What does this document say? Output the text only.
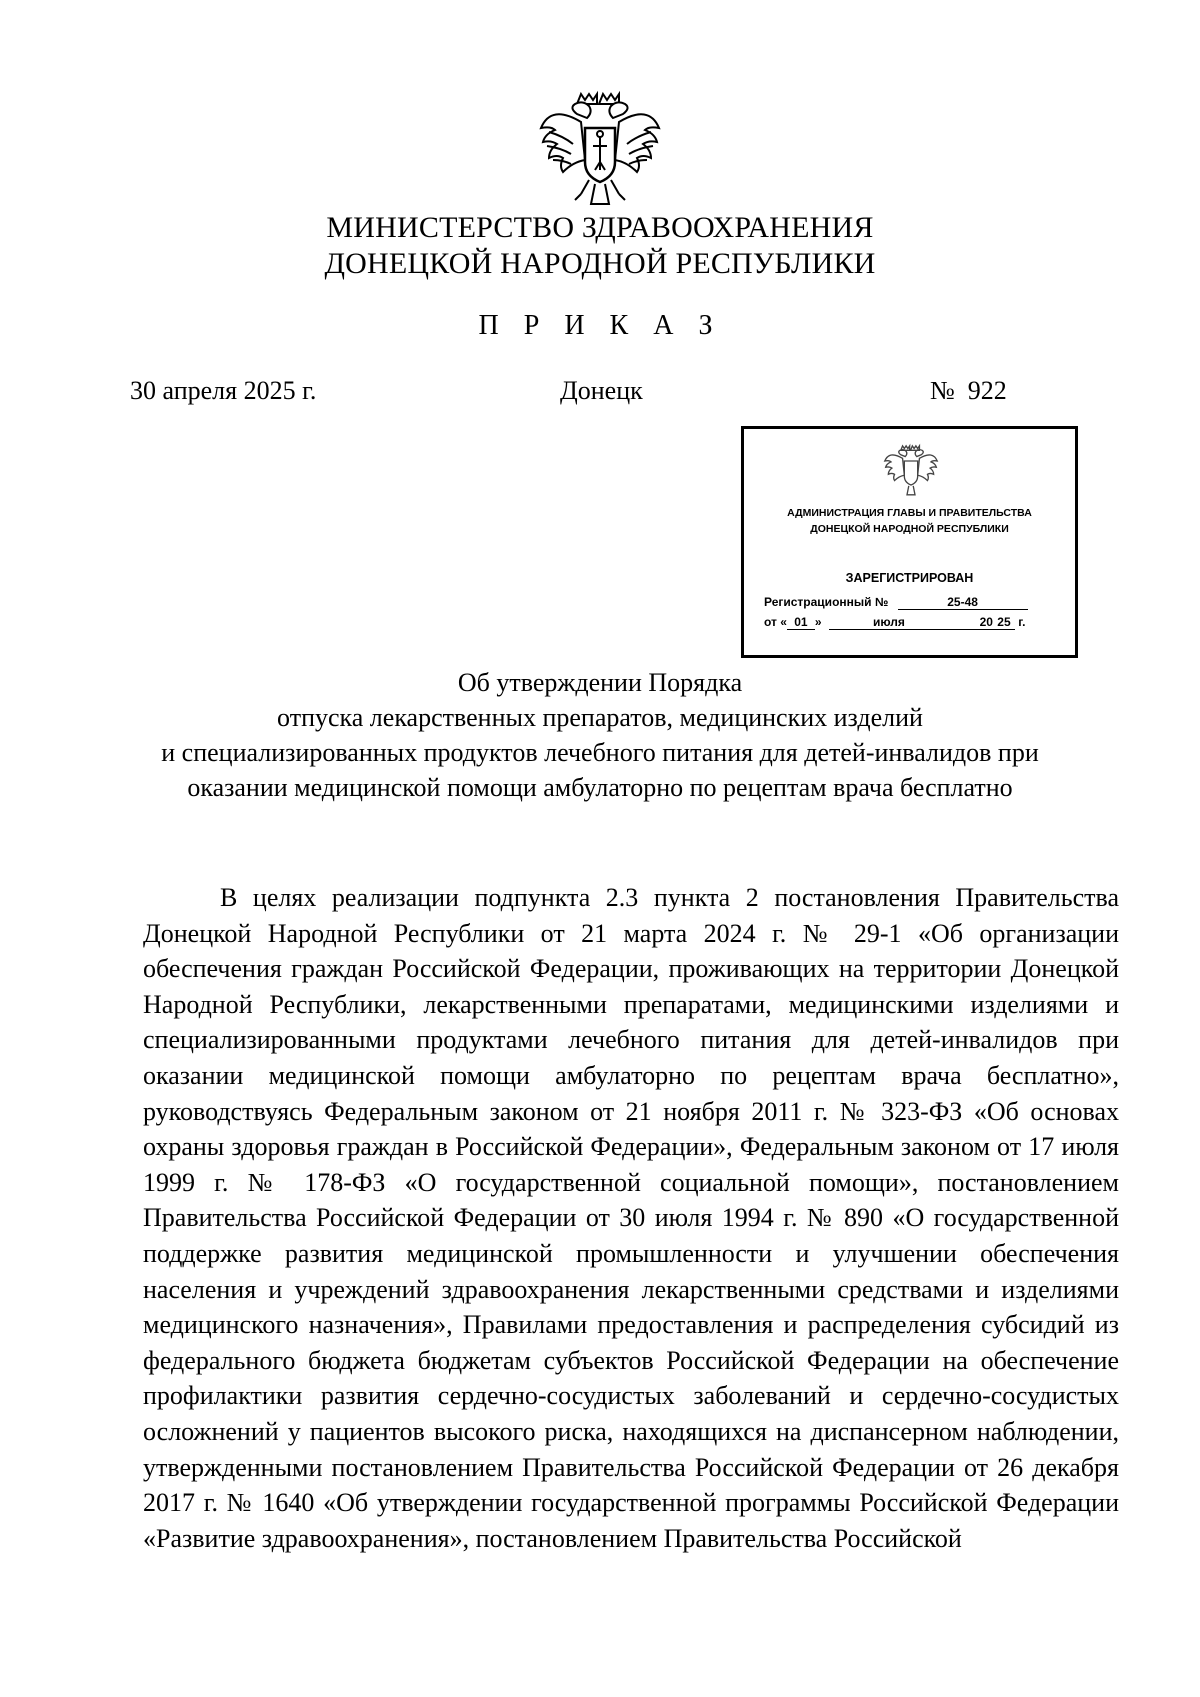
МИНИСТЕРСТВО ЗДРАВООХРАНЕНИЯ
ДОНЕЦКОЙ НАРОДНОЙ РЕСПУБЛИКИ
П Р И К А З
30 апреля 2025 г.	Донецк	№  922
АДМИНИСТРАЦИЯ ГЛАВЫ И ПРАВИТЕЛЬСТВА
ДОНЕЦКОЙ НАРОДНОЙ РЕСПУБЛИКИ
ЗАРЕГИСТРИРОВАН
Регистрационный №	25-48
от « 01 »	июля	20 25 г.
Об утверждении Порядка
отпуска лекарственных препаратов, медицинских изделий
и специализированных продуктов лечебного питания для детей-инвалидов при
оказании медицинской помощи амбулаторно по рецептам врача бесплатно
В целях реализации подпункта 2.3 пункта 2 постановления Правительства Донецкой Народной Республики от 21 марта 2024 г. № 29-1 «Об организации обеспечения граждан Российской Федерации, проживающих на территории Донецкой Народной Республики, лекарственными препаратами, медицинскими изделиями и специализированными продуктами лечебного питания для детей-инвалидов при оказании медицинской помощи амбулаторно по рецептам врача бесплатно», руководствуясь Федеральным законом от 21 ноября 2011 г. № 323-ФЗ «Об основах охраны здоровья граждан в Российской Федерации», Федеральным законом от 17 июля 1999 г. № 178-ФЗ «О государственной социальной помощи», постановлением Правительства Российской Федерации от 30 июля 1994 г. № 890 «О государственной поддержке развития медицинской промышленности и улучшении обеспечения населения и учреждений здравоохранения лекарственными средствами и изделиями медицинского назначения», Правилами предоставления и распределения субсидий из федерального бюджета бюджетам субъектов Российской Федерации на обеспечение профилактики развития сердечно-сосудистых заболеваний и сердечно-сосудистых осложнений у пациентов высокого риска, находящихся на диспансерном наблюдении, утвержденными постановлением Правительства Российской Федерации от 26 декабря 2017 г. № 1640 «Об утверждении государственной программы Российской Федерации «Развитие здравоохранения», постановлением Правительства Российской
